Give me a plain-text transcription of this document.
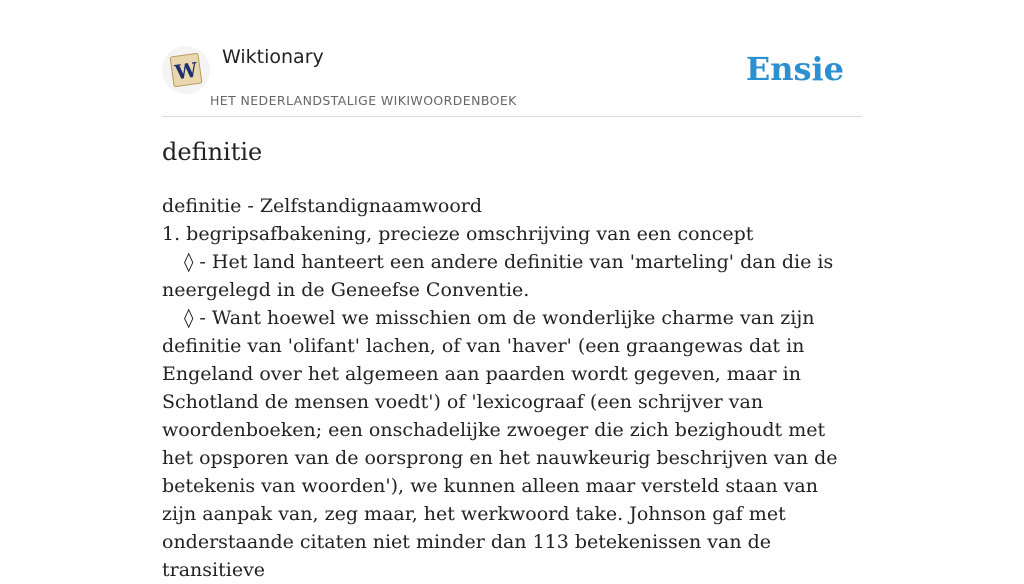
W
Wiktionary
HET NEDERLANDSTALIGE WIKIWOORDENBOEK
Ensie
definitie

definitie - Zelfstandignaamwoord

1. begripsafbakening, precieze omschrijving van een concept

◊ - Het land hanteert een andere definitie van 'marteling' dan die is neergelegd in de Geneefse Conventie.

◊ - Want hoewel we misschien om de wonderlijke charme van zijn definitie van 'olifant' lachen, of van 'haver' (een graangewas dat in Engeland over het algemeen aan paarden wordt gegeven, maar in Schotland de mensen voedt') of 'lexicograaf (een schrijver van woordenboeken; een onschadelijke zwoeger die zich bezighoudt met het opsporen van de oorsprong en het nauwkeurig beschrijven van de betekenis van woorden'), we kunnen alleen maar versteld staan van zijn aanpak van, zeg maar, het werkwoord take. Johnson gaf met onderstaande citaten niet minder dan 113 betekenissen van de transitieve
